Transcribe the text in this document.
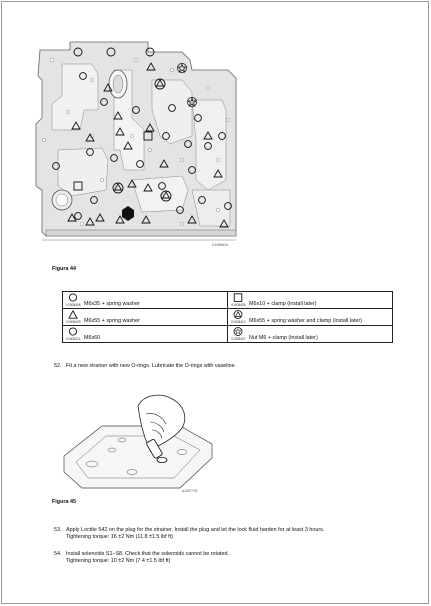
V1068404
Figura 44
V1008408 M6x35 + spring washer	V1008409 M6x10 + clamp (install later)

V1008409 M6x55 + spring washer	V1008410 M6x55 + spring washer and clamp (install later)

V1008411 M6x60	V1008407 Nut M6 + clamp (install later)
52. Fit a new strainer with new O-rings. Lubricate the O-rings with vaseline.
A1057792
Figura 45
53. Apply Loctite 542 on the plug for the strainer. Install the plug and let the lock fluid harden for at least 3 hours.
Tightening torque: 16 ±2 Nm (11.8 ±1.5 lbf ft)
54. Install solenoids S1–S8. Check that the solenoids cannot be rotated.
Tightening torque: 10 ±2 Nm (7.4 ±1.5 lbf ft)
